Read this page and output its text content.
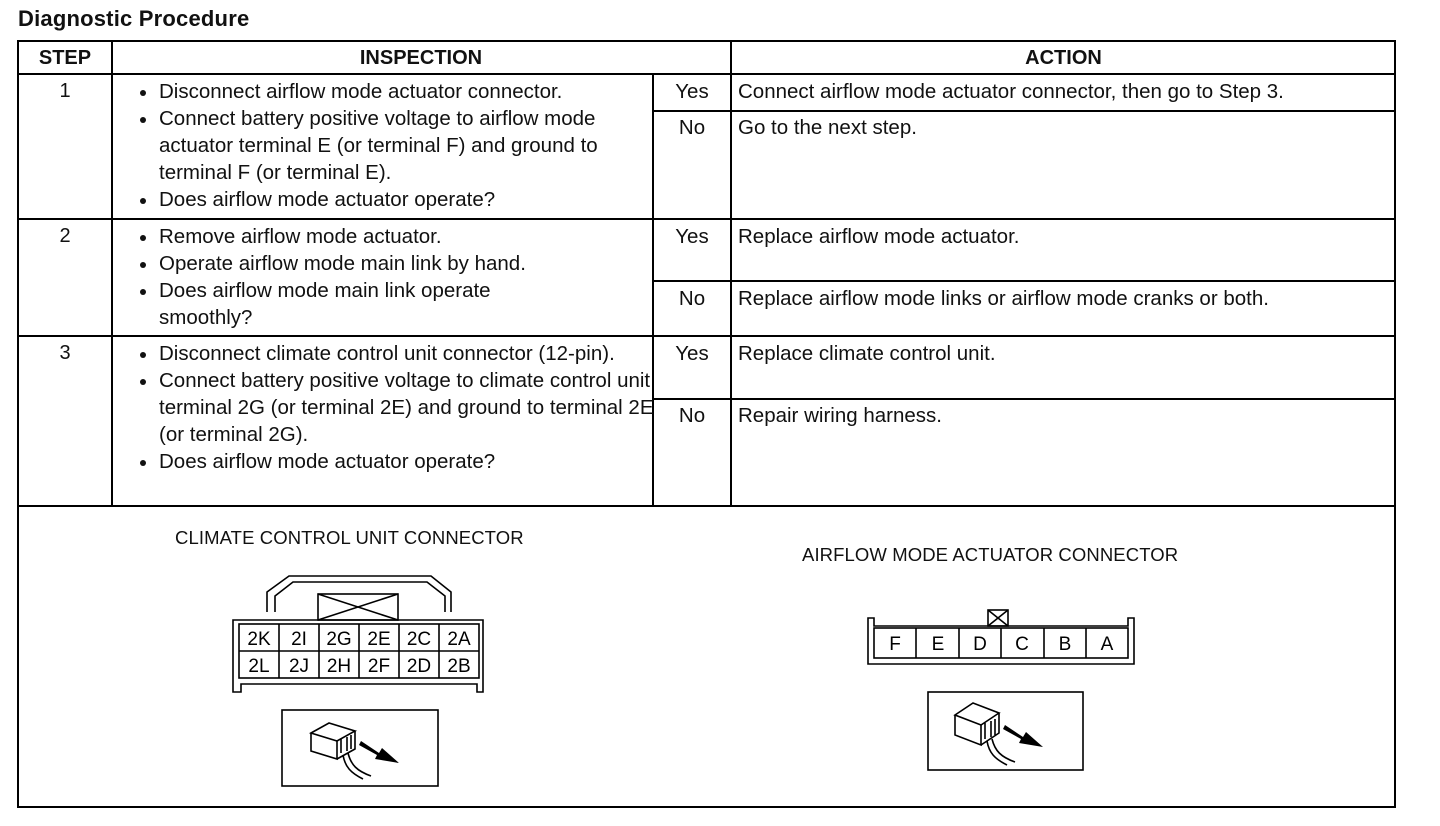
Diagnostic Procedure
STEP	INSPECTION	ACTION
1	Disconnect airflow mode actuator connector.
Connect battery positive voltage to airflow mode actuator terminal E (or terminal F) and ground to terminal F (or terminal E).
Does airflow mode actuator operate?
Yes	Connect airflow mode actuator connector, then go to Step 3.
No	Go to the next step.
2	Remove airflow mode actuator.
Operate airflow mode main link by hand.
Does airflow mode main link operate smoothly?
Yes	Replace airflow mode actuator.
No	Replace airflow mode links or airflow mode cranks or both.
3	Disconnect climate control unit connector (12-pin).
Connect battery positive voltage to climate control unit terminal 2G (or terminal 2E) and ground to terminal 2E (or terminal 2G).
Does airflow mode actuator operate?
Yes	Replace climate control unit.
No	Repair wiring harness.
CLIMATE CONTROL UNIT CONNECTOR
AIRFLOW MODE ACTUATOR CONNECTOR
2K 2I 2G 2E 2C 2A
2L 2J 2H 2F 2D 2B
F E D C B A
